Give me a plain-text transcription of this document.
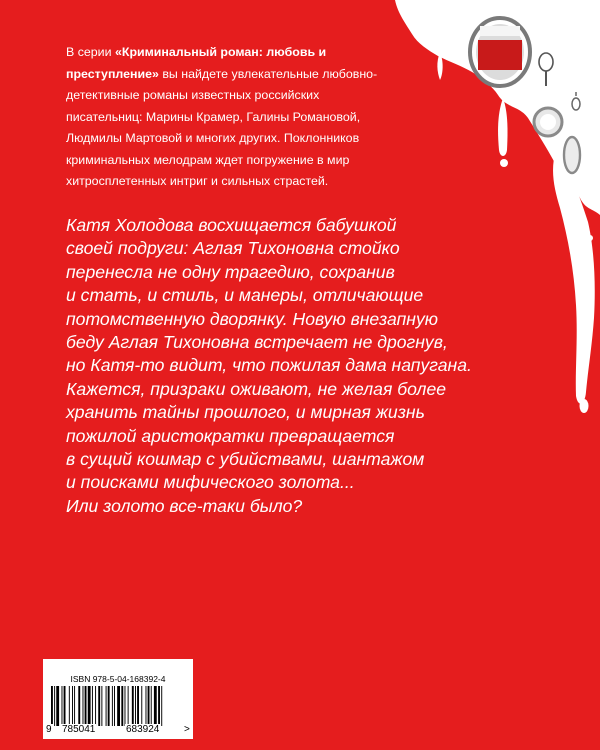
В серии «Криминальный роман: любовь и преступление» вы найдете увлекательные любовно-детективные романы известных российских писательниц: Марины Крамер, Галины Романовой, Людмилы Мартовой и многих других. Поклонников криминальных мелодрам ждет погружение в мир хитросплетенных интриг и сильных страстей.
Катя Холодова восхищается бабушкой
своей подруги: Аглая Тихоновна стойко
перенесла не одну трагедию, сохранив
и стать, и стиль, и манеры, отличающие
потомственную дворянку. Новую внезапную
беду Аглая Тихоновна встречает не дрогнув,
но Катя-то видит, что пожилая дама напугана.
Кажется, призраки оживают, не желая более
хранить тайны прошлого, и мирная жизнь
пожилой аристократки превращается
в сущий кошмар с убийствами, шантажом
и поисками мифического золота...
Или золото все-таки было?
ISBN 978-5-04-168392-4
9 785041	683924 >
